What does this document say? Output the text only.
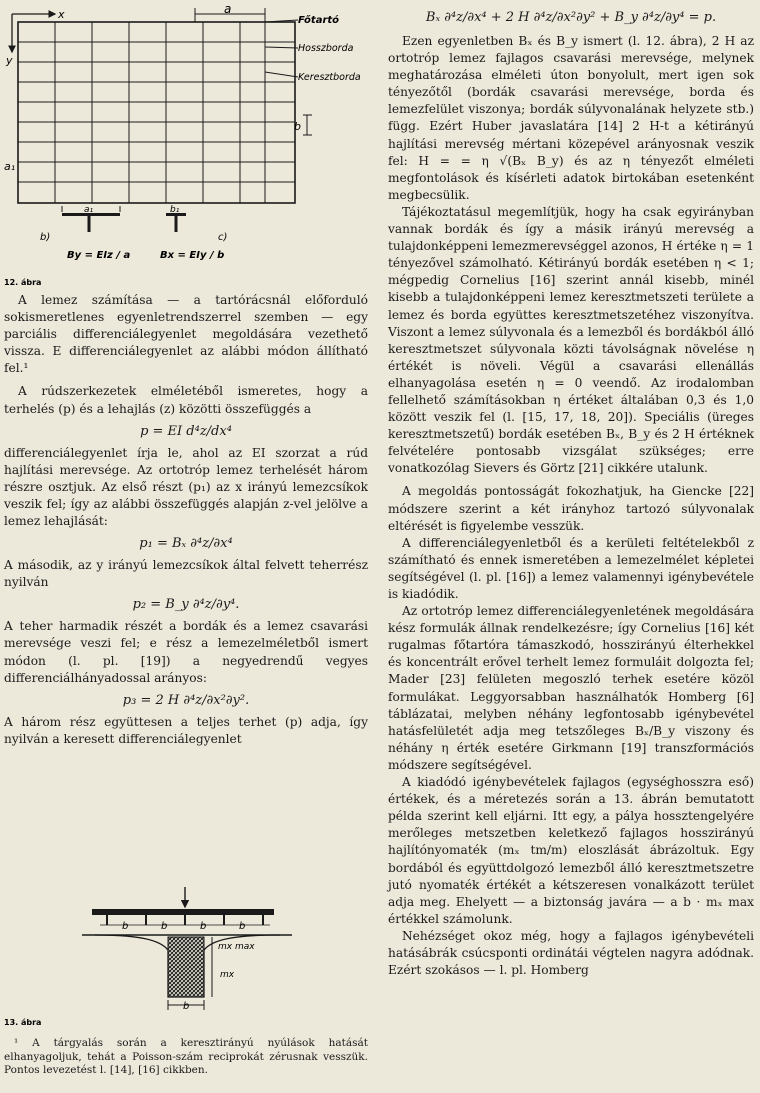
x
y
a
Főtartó
Hosszborda
Keresztborda
b
a₁
a₁
b)
By = EIz / a
b₁
c)
Bx = EIy / b
12. ábra

A lemez számítása — a tartórácsnál előforduló sokismeretlenes egyenletrendszerrel szemben — egy parciális differenciálegyenlet megoldására vezethető vissza. E differenciálegyenlet az alábbi módon állítható fel.¹

A rúdszerkezetek elméletéből ismeretes, hogy a terhelés (p) és a lehajlás (z) közötti összefüggés a

p = EI d⁴z/dx⁴

differenciálegyenlet írja le, ahol az EI szorzat a rúd hajlítási merevsége. Az ortotróp lemez terhelését három részre osztjuk. Az első részt (p₁) az x irányú lemezcsíkok veszik fel; így az alábbi összefüggés alapján z-vel jelölve a lemez lehajlását:

p₁ = Bₓ ∂⁴z/∂x⁴

A második, az y irányú lemezcsíkok által felvett teherrész nyilván

p₂ = B_y ∂⁴z/∂y⁴.

A teher harmadik részét a bordák és a lemez csavarási merevsége veszi fel; e rész a lemezelméletből ismert módon (l. pl. [19]) a negyedrendű vegyes differenciálhányadossal arányos:

p₃ = 2 H ∂⁴z/∂x²∂y².

A három rész együttesen a teljes terhet (p) adja, így nyilván a keresett differenciálegyenlet

b	b	b	b
mx max
mx
b
13. ábra

¹ A tárgyalás során a keresztirányú nyúlások hatását elhanyagoljuk, tehát a Poisson-szám reciprokát zérusnak vesszük. Pontos levezetést l. [14], [16] cikkben.

Bₓ ∂⁴z/∂x⁴ + 2 H ∂⁴z/∂x²∂y² + B_y ∂⁴z/∂y⁴ = p.

Ezen egyenletben Bₓ és B_y ismert (l. 12. ábra), 2 H az ortotróp lemez fajlagos csavarási merevsége, melynek meghatározása elméleti úton bonyolult, mert igen sok tényezőtől (bordák csavarási merevsége, borda és lemezfelület viszonya; bordák súlyvonalának helyzete stb.) függ. Ezért Huber javaslatára [14] 2 H-t a kétirányú hajlítási merevség mértani közepével arányosnak veszik fel: H = = η √(Bₓ B_y) és az η tényezőt elméleti megfontolások és kísérleti adatok birtokában esetenként megbecsülik.

Tájékoztatásul megemlítjük, hogy ha csak egyirányban vannak bordák és így a másik irányú merevség a tulajdonképpeni lemezmerevséggel azonos, H értéke η = 1 tényezővel számolható. Kétirányú bordák esetében η < 1; mégpedig Cornelius [16] szerint annál kisebb, minél kisebb a tulajdonképpeni lemez keresztmetszeti területe a lemez és borda együttes keresztmetszetéhez viszonyítva. Viszont a lemez súlyvonala és a lemezből és bordákból álló keresztmetszet súlyvonala közti távolságnak növelése η értékét is növeli. Végül a csavarási ellenállás elhanyagolása esetén η = 0 veendő. Az irodalomban fellelhető számításokban η értéket általában 0,3 és 1,0 között veszik fel (l. [15, 17, 18, 20]). Speciális (üreges keresztmetszetű) bordák esetében Bₓ, B_y és 2 H értéknek felvételére pontosabb vizsgálat szükséges; erre vonatkozólag Sievers és Görtz [21] cikkére utalunk.

A megoldás pontosságát fokozhatjuk, ha Giencke [22] módszere szerint a két irányhoz tartozó súlyvonalak eltérését is figyelembe vesszük.

A differenciálegyenletből és a kerületi feltételekből z számítható és ennek ismeretében a lemezelmélet képletei segítségével (l. pl. [16]) a lemez valamennyi igénybevétele is kiadódik.

Az ortotróp lemez differenciálegyenletének megoldására kész formulák állnak rendelkezésre; így Cornelius [16] két rugalmas főtartóra támaszkodó, hosszirányú élterhekkel és koncentrált erővel terhelt lemez formuláit dolgozta fel; Mader [23] felületen megoszló terhek esetére közöl formulákat. Leggyorsabban használhatók Homberg [6] táblázatai, melyben néhány legfontosabb igénybevétel hatásfelületét adja meg tetszőleges Bₓ/B_y viszony és néhány η érték esetére Girkmann [19] transzformációs módszere segítségével.

A kiadódó igénybevételek fajlagos (egységhosszra eső) értékek, és a méretezés során a 13. ábrán bemutatott példa szerint kell eljárni. Itt egy, a pálya hossztengelyére merőleges metszetben keletkező fajlagos hosszirányú hajlítónyomaték (mₓ tm/m) eloszlását ábrázoltuk. Egy bordából és együttdolgozó lemezből álló keresztmetszetre jutó nyomaték értékét a kétszeresen vonalkázott terület adja meg. Ehelyett — a biztonság javára — a b · mₓ max értékkel számolunk.

Nehézséget okoz még, hogy a fajlagos igénybevételi hatásábrák csúcsponti ordinátái végtelen nagyra adódnak. Ezért szokásos — l. pl. Homberg
